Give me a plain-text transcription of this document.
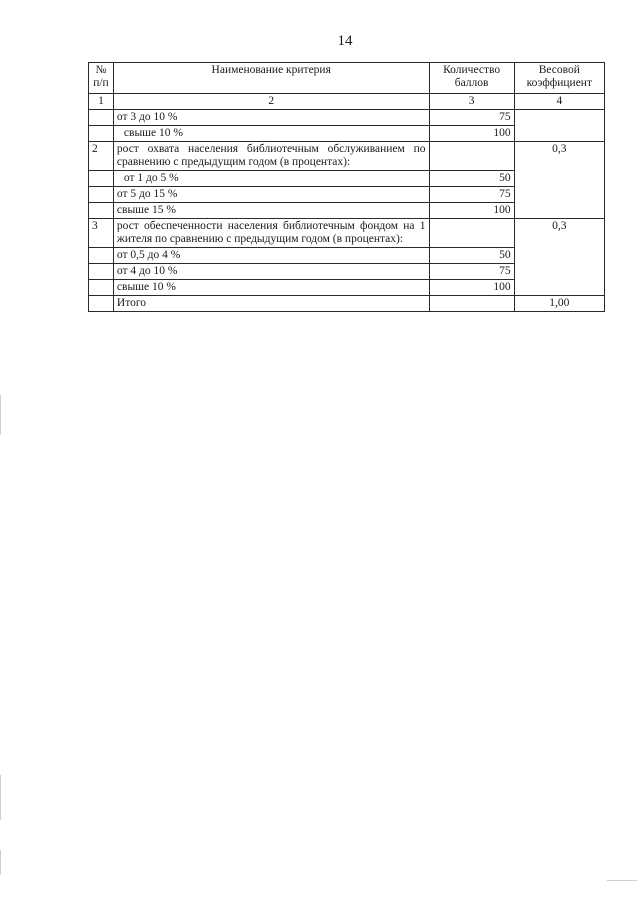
14
№ п/п	Наименование критерия	Количество баллов	Весовой коэффициент
1	2	3	4
	от 3 до 10 %	75	
	свыше 10 %	100	
2	рост охвата населения библиотечным обслуживанием по сравнению с предыдущим годом (в процентах):		0,3
	от 1 до 5 %	50	
	от 5 до 15 %	75	
	свыше 15 %	100	
3	рост обеспеченности населения библиотечным фондом на 1 жителя по сравнению с предыдущим годом (в процентах):		0,3
	от 0,5 до 4 %	50	
	от 4 до 10 %	75	
	свыше 10 %	100	
	Итого		1,00
